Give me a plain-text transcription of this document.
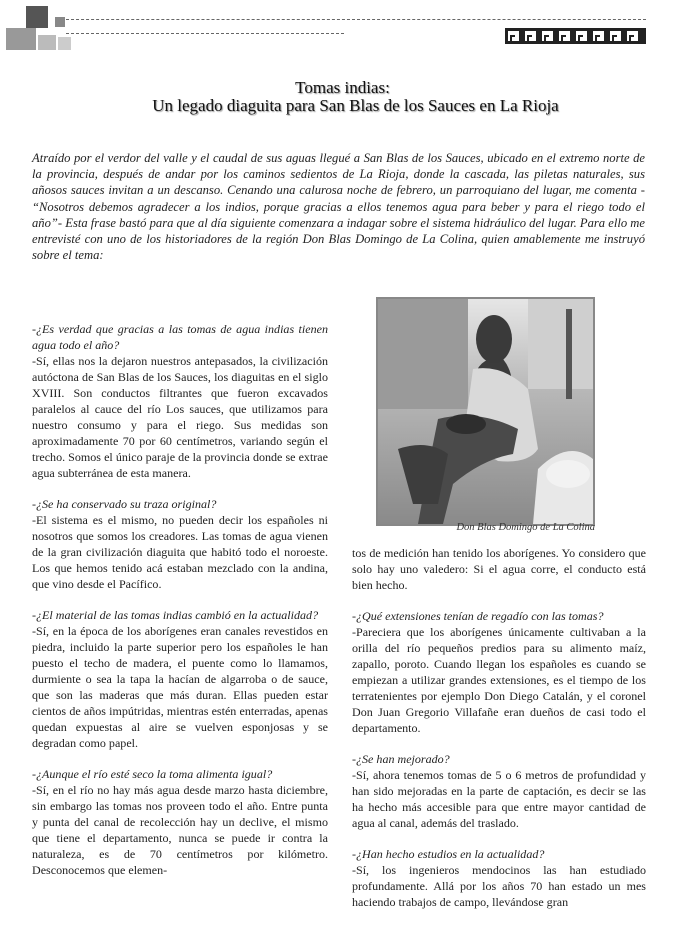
Tomas indias:
Un legado diaguita para San Blas de los Sauces en La Rioja
Atraído por el verdor del valle y el caudal de sus aguas llegué a San Blas de los Sauces, ubicado en el extremo norte de la provincia, después de andar por los caminos sedientos de La Rioja, donde la cascada, las piletas naturales, sus añosos sauces invitan a un descanso. Cenando una calurosa noche de febrero, un parroquiano del lugar, me comenta - “Nosotros debemos agradecer a los indios, porque gracias a ellos tenemos agua para beber y para el riego todo el año”- Esta frase bastó para que al día siguiente comenzara a indagar sobre el sistema hidráulico del lugar. Para ello me entrevisté con uno de los historiadores de la región Don Blas Domingo de La Colina, quien amablemente me instruyó sobre el tema:

-¿Es verdad que gracias a las tomas de agua indias tienen agua todo el año?

-Sí, ellas nos la dejaron nuestros antepasados, la civilización autóctona de San Blas de los Sauces, los diaguitas en el siglo XVIII. Son conductos filtrantes que fueron excavados paralelos al cauce del río Los sauces, que utilizamos para nuestro consumo y para el riego. Sus medidas son aproximadamente 70 por 60 centímetros, variando según el trecho. Somos el único paraje de la provincia donde se extrae agua subterránea de esta manera.

-¿Se ha conservado su traza original?

-El sistema es el mismo, no pueden decir los españoles ni nosotros que somos los creadores. Las tomas de agua vienen de la gran civilización diaguita que habitó todo el noroeste. Los que hemos tenido acá estaban mezclado con la andina, que vino desde el Pacífico.

-¿El material de las tomas indias cambió en la actualidad?

-Sí, en la época de los aborígenes eran canales revestidos en piedra, incluido la parte superior pero los españoles le han puesto el techo de madera, el puente como lo llamamos, durmiente o sea la tapa la hacían de algarroba o de sauce, que son las maderas que más duran. Ellas pueden estar cientos de años impútridas, mientras estén enterradas, apenas quedan expuestas al aire se vuelven esponjosas y se degradan como papel.

-¿Aunque el río esté seco la toma alimenta igual?

-Sí, en el río no hay más agua desde marzo hasta diciembre, sin embargo las tomas nos proveen todo el año. Entre punta y punta del canal de recolección hay un declive, el mismo que tiene el departamento, nunca se puede ir contra la naturaleza, es de 70 centímetros por kilómetro. Desconocemos que elemen-

Don Blas Domingo de La Colina

tos de medición han tenido los aborígenes. Yo considero que solo hay uno valedero: Si el agua corre, el conducto está bien hecho.

-¿Qué extensiones tenían de regadío con las tomas?

-Pareciera que los aborígenes únicamente cultivaban a la orilla del río pequeños predios para su alimento maíz, zapallo, poroto. Cuando llegan los españoles es cuando se empiezan a utilizar grandes extensiones, es el tiempo de los terratenientes por ejemplo Don Diego Catalán, y el coronel Don Juan Gregorio Villafañe eran dueños de casi todo el departamento.

-¿Se han mejorado?

-Sí, ahora tenemos tomas de 5 o 6 metros de profundidad y han sido mejoradas en la parte de captación, es decir se las ha hecho más accesible para que entre mayor cantidad de agua al canal, además del traslado.

-¿Han hecho estudios en la actualidad?

-Sí, los ingenieros mendocinos las han estudiado profundamente. Allá por los años 70 han estado un mes haciendo trabajos de campo, llevándose gran
